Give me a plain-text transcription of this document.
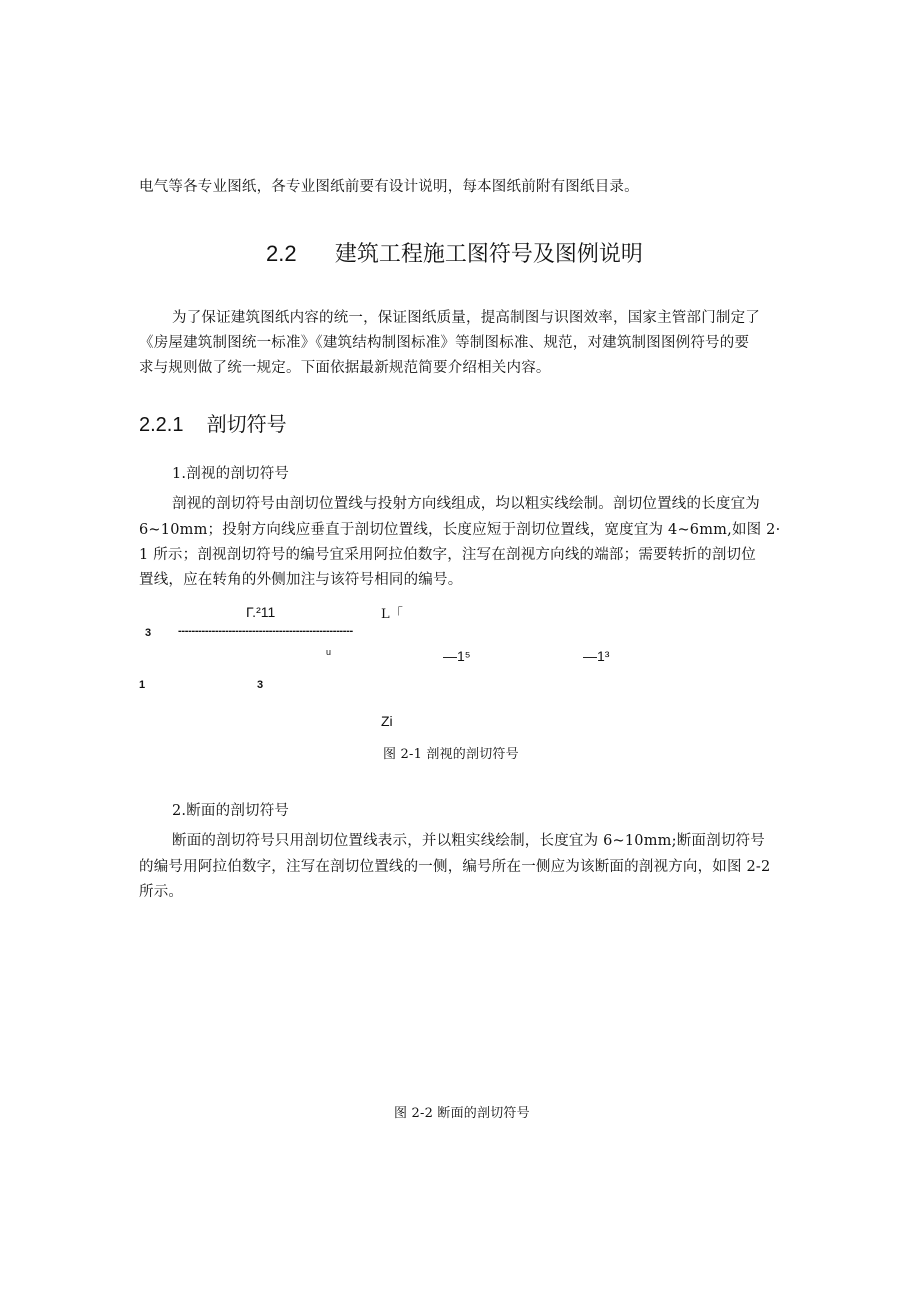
电气等各专业图纸，各专业图纸前要有设计说明，每本图纸前附有图纸目录。
2.2 建筑工程施工图符号及图例说明
为了保证建筑图纸内容的统一，保证图纸质量，提高制图与识图效率，国家主管部门制定了
《房屋建筑制图统一标准》《建筑结构制图标准》等制图标准、规范，对建筑制图图例符号的要
求与规则做了统一规定。下面依据最新规范简要介绍相关内容。
2.2.1 剖切符号
1.剖视的剖切符号
剖视的剖切符号由剖切位置线与投射方向线组成，均以粗实线绘制。剖切位置线的长度宜为
6~10mm；投射方向线应垂直于剖切位置线，长度应短于剖切位置线，宽度宜为 4~6mm,如图 2·
1 所示；剖视剖切符号的编号宜采用阿拉伯数字，注写在剖视方向线的端部；需要转折的剖切位
置线，应在转角的外侧加注与该符号相同的编号。
Γ.²11	L「
3 ----------------------------------------------------
u	—1⁵	—1³
1	3
Zi
图 2-1 剖视的剖切符号
2.断面的剖切符号
断面的剖切符号只用剖切位置线表示，并以粗实线绘制，长度宜为 6~10mm;断面剖切符号
的编号用阿拉伯数字，注写在剖切位置线的一侧，编号所在一侧应为该断面的剖视方向，如图 2-2
所示。
图 2-2 断面的剖切符号
